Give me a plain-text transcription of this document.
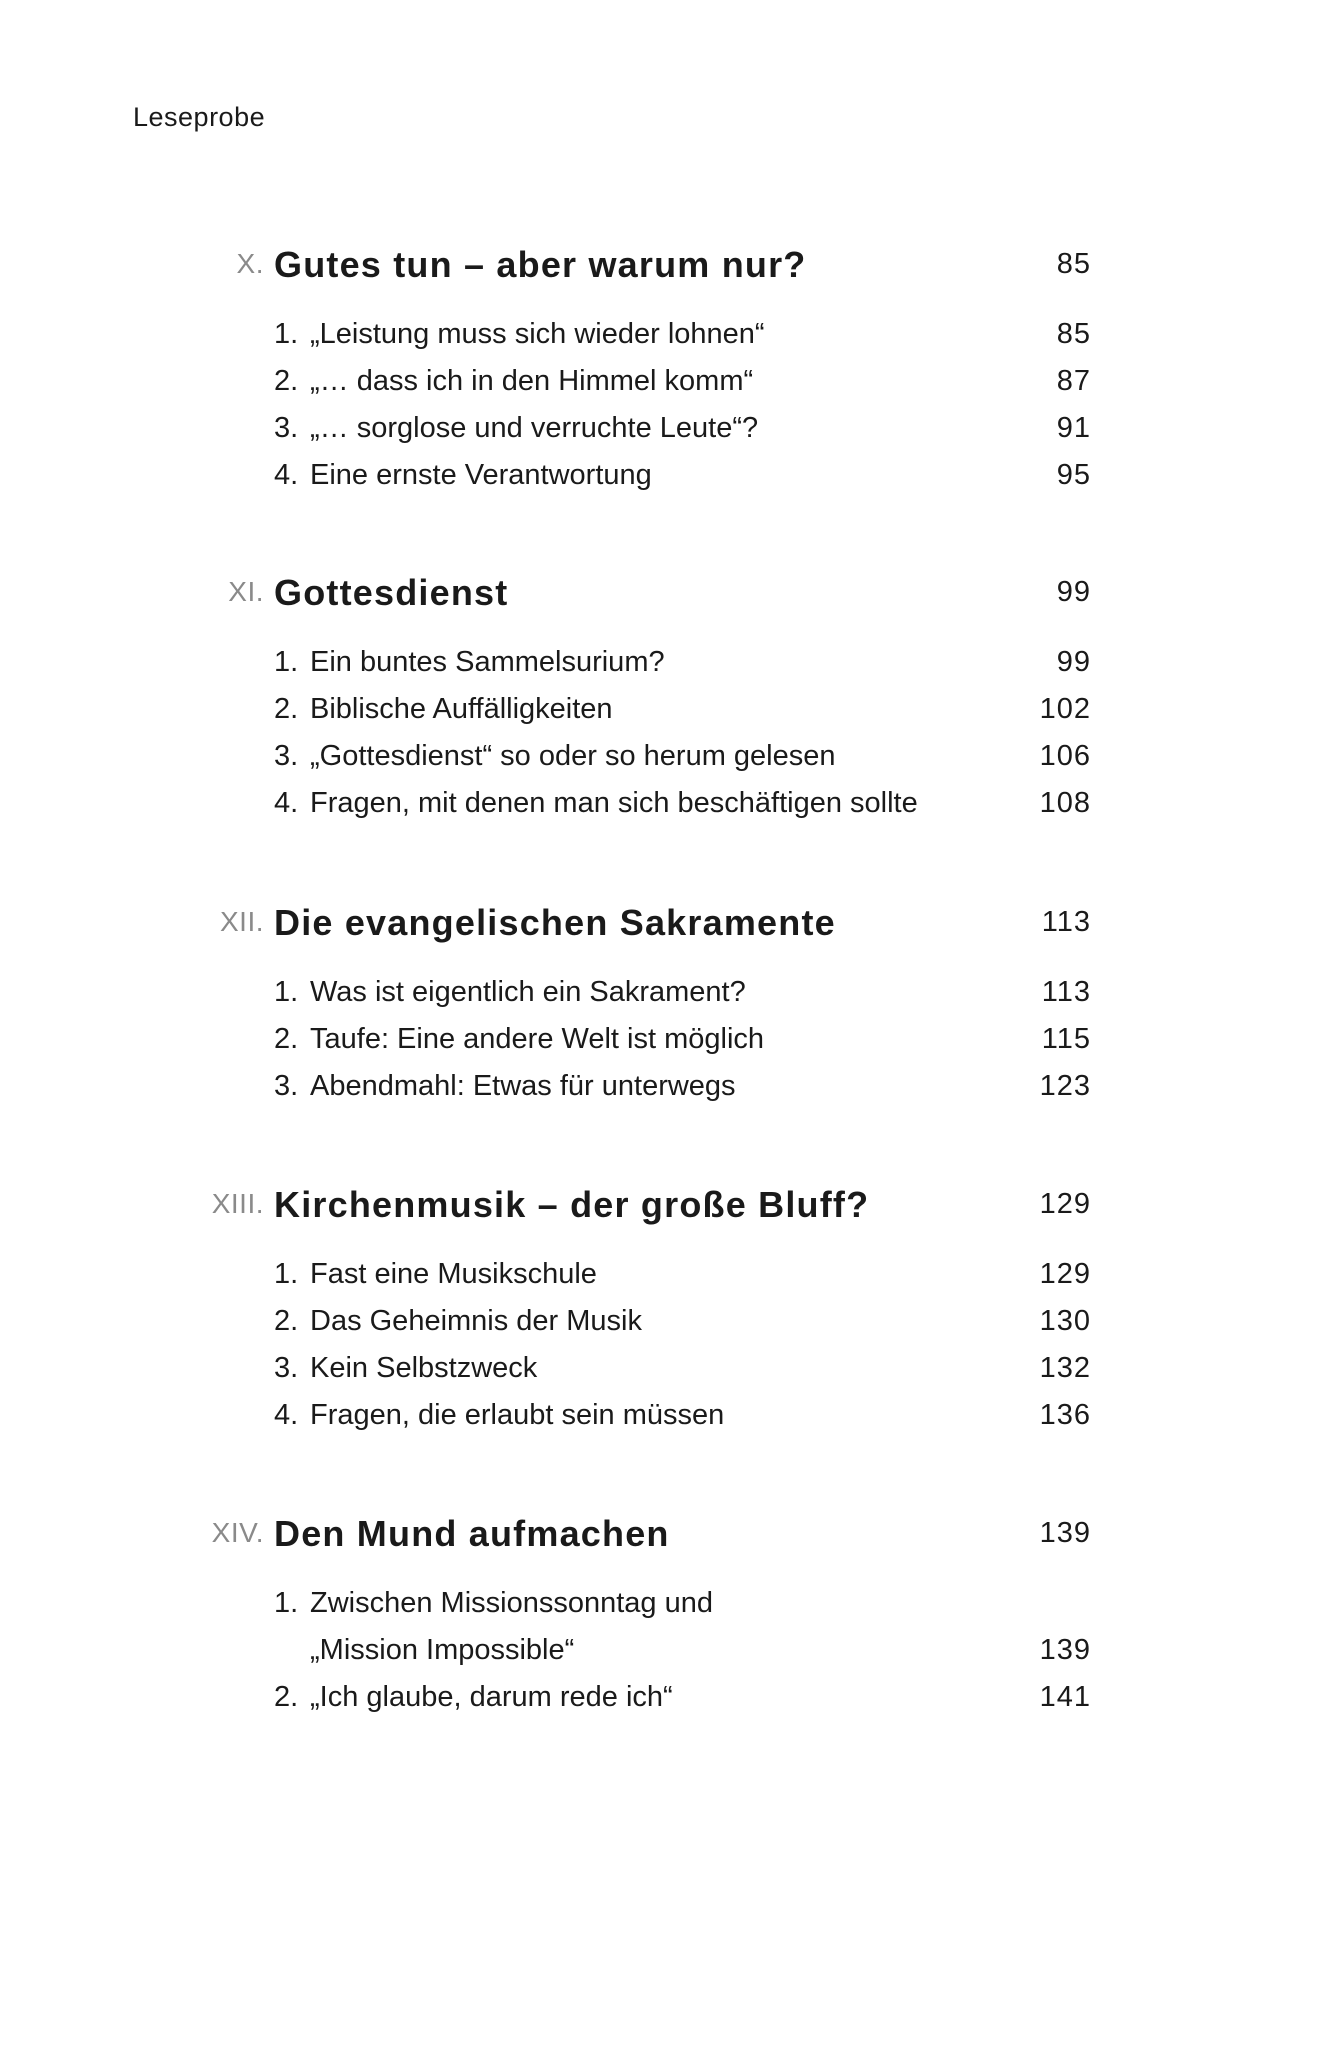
Leseprobe
X. Gutes tun – aber warum nur?	85
1. „Leistung muss sich wieder lohnen“	85
2. „… dass ich in den Himmel komm“	87
3. „… sorglose und verruchte Leute“?	91
4. Eine ernste Verantwortung	95
XI. Gottesdienst	99
1. Ein buntes Sammelsurium?	99
2. Biblische Auffälligkeiten	102
3. „Gottesdienst“ so oder so herum gelesen	106
4. Fragen, mit denen man sich beschäftigen sollte	108
XII. Die evangelischen Sakramente	113
1. Was ist eigentlich ein Sakrament?	113
2. Taufe: Eine andere Welt ist möglich	115
3. Abendmahl: Etwas für unterwegs	123
XIII. Kirchenmusik – der große Bluff?	129
1. Fast eine Musikschule	129
2. Das Geheimnis der Musik	130
3. Kein Selbstzweck	132
4. Fragen, die erlaubt sein müssen	136
XIV. Den Mund aufmachen	139
1. Zwischen Missionssonntag und
„Mission Impossible“	139
2. „Ich glaube, darum rede ich“	141
